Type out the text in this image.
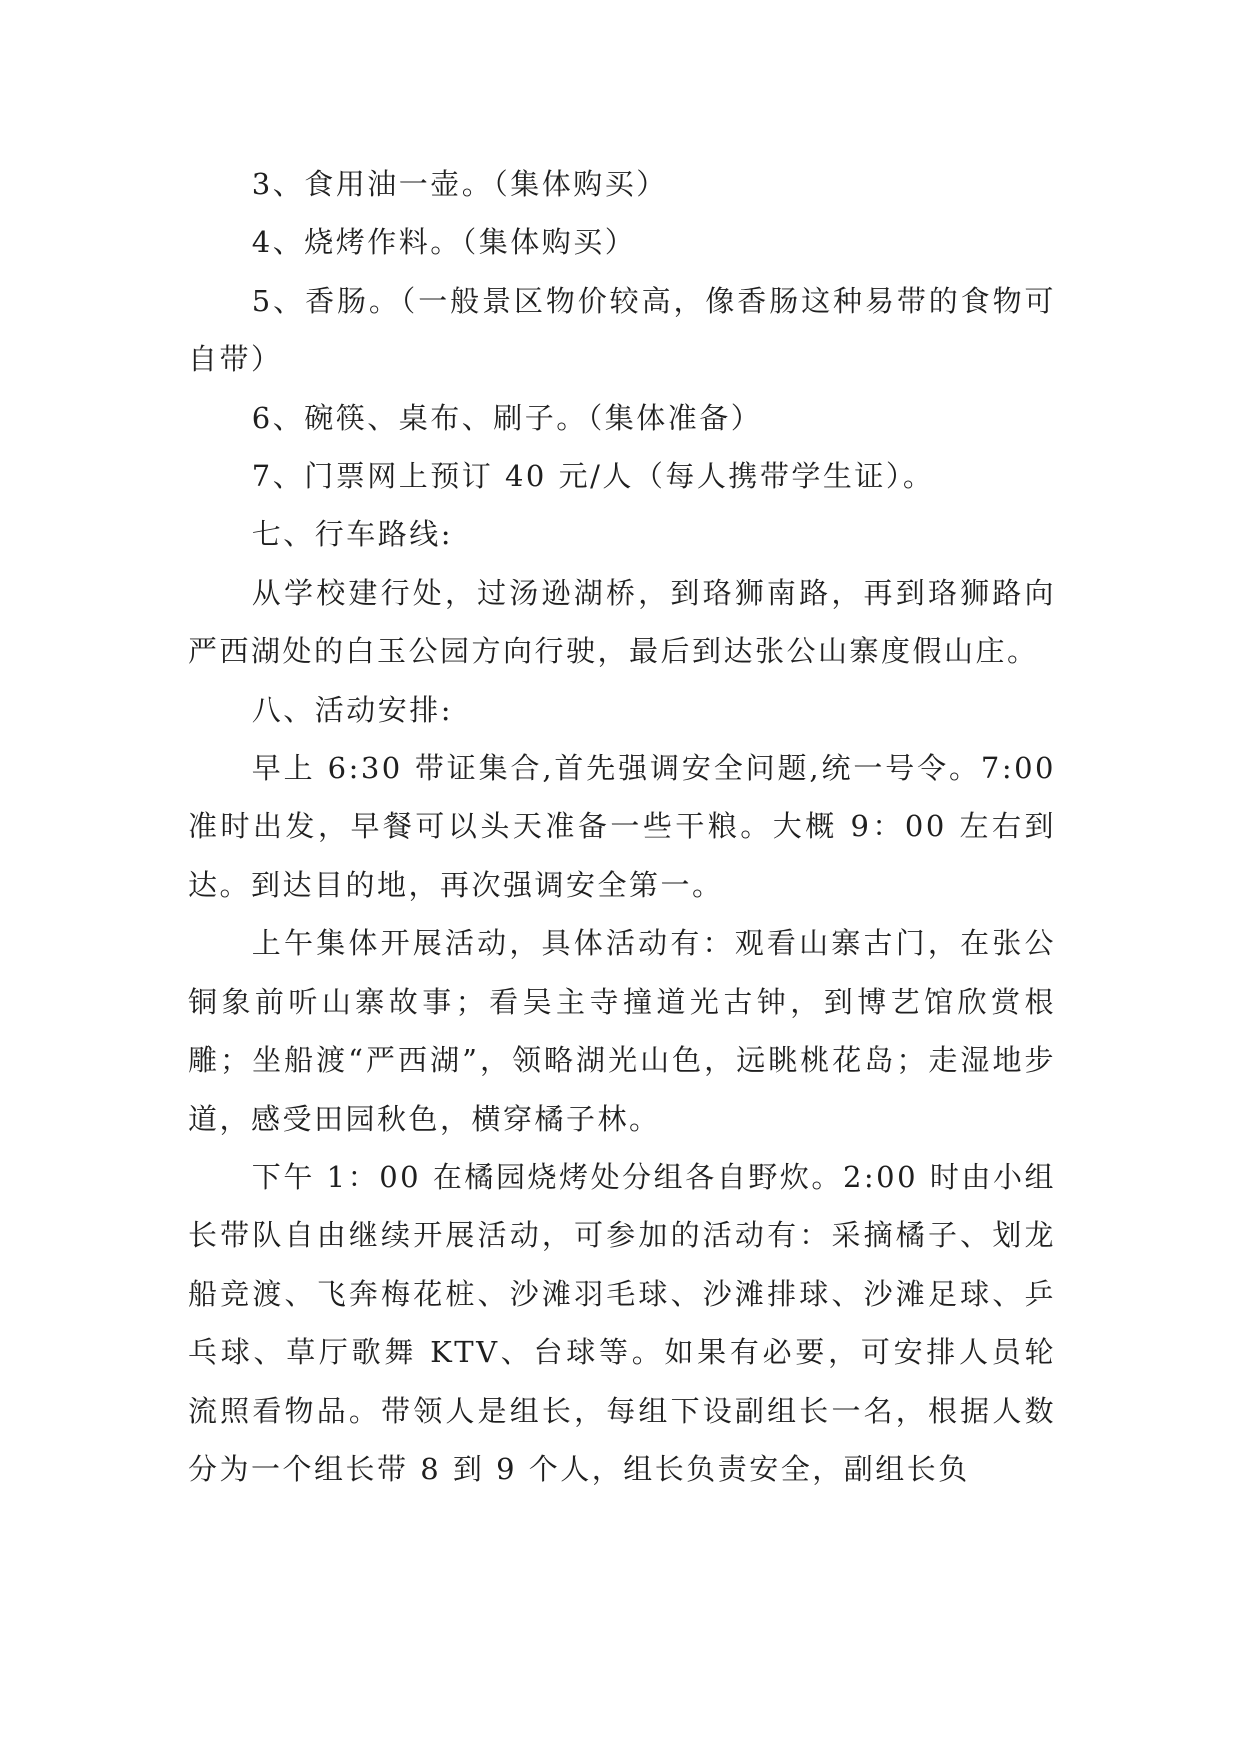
3、食用油一壶。（集体购买）

4、烧烤作料。（集体购买）

5、香肠。（一般景区物价较高，像香肠这种易带的食物可自带）

6、碗筷、桌布、刷子。（集体准备）

7、门票网上预订 40 元/人（每人携带学生证）。

七、行车路线:

从学校建行处，过汤逊湖桥，到珞狮南路，再到珞狮路向严西湖处的白玉公园方向行驶，最后到达张公山寨度假山庄。

八、活动安排:

早上 6:30 带证集合,首先强调安全问题,统一号令。7:00 准时出发，早餐可以头天准备一些干粮。大概 9：00 左右到达。到达目的地，再次强调安全第一。

上午集体开展活动，具体活动有：观看山寨古门，在张公铜象前听山寨故事；看吴主寺撞道光古钟，到博艺馆欣赏根雕；坐船渡“严西湖”，领略湖光山色，远眺桃花岛；走湿地步道，感受田园秋色，横穿橘子林。

下午 1：00 在橘园烧烤处分组各自野炊。2:00 时由小组长带队自由继续开展活动，可参加的活动有：采摘橘子、划龙船竞渡、飞奔梅花桩、沙滩羽毛球、沙滩排球、沙滩足球、乒乓球、草厅歌舞 KTV、台球等。如果有必要，可安排人员轮流照看物品。带领人是组长，每组下设副组长一名，根据人数分为一个组长带 8 到 9 个人，组长负责安全，副组长负
